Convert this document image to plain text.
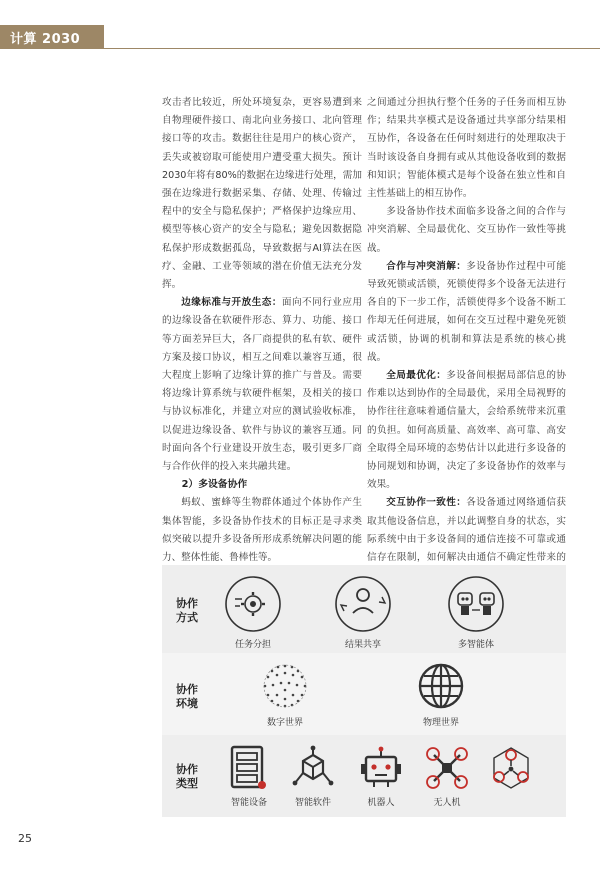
计算 2030

攻击者比较近，所处环境复杂，更容易遭到来自物理硬件接口、南北向业务接口、北向管理接口等的攻击。数据往往是用户的核心资产，丢失或被窃取可能使用户遭受重大损失。预计2030年将有80%的数据在边缘进行处理，需加强在边缘进行数据采集、存储、处理、传输过程中的安全与隐私保护；严格保护边缘应用、模型等核心资产的安全与隐私；避免因数据隐私保护形成数据孤岛，导致数据与AI算法在医疗、金融、工业等领域的潜在价值无法充分发挥。

边缘标准与开放生态：面向不同行业应用的边缘设备在软硬件形态、算力、功能、接口等方面差异巨大，各厂商提供的私有软、硬件方案及接口协议，相互之间难以兼容互通，很大程度上影响了边缘计算的推广与普及。需要将边缘计算系统与软硬件框架，及相关的接口与协议标准化，并建立对应的测试验收标准，以促进边缘设备、软件与协议的兼容互通。同时面向各个行业建设开放生态，吸引更多厂商与合作伙伴的投入来共融共建。

2）多设备协作

蚂蚁、蜜蜂等生物群体通过个体协作产生集体智能，多设备协作技术的目标正是寻求类似突破以提升多设备所形成系统解决问题的能力、整体性能、鲁棒性等。

之间通过分担执行整个任务的子任务而相互协作；结果共享模式是设备通过共享部分结果相互协作，各设备在任何时刻进行的处理取决于当时该设备自身拥有或从其他设备收到的数据和知识；智能体模式是每个设备在独立性和自主性基础上的相互协作。

多设备协作技术面临多设备之间的合作与冲突消解、全局最优化、交互协作一致性等挑战。

合作与冲突消解：多设备协作过程中可能导致死锁或活锁，死锁使得多个设备无法进行各自的下一步工作，活锁使得多个设备不断工作却无任何进展，如何在交互过程中避免死锁或活锁，协调的机制和算法是系统的核心挑战。

全局最优化：多设备间根据局部信息的协作难以达到协作的全局最优，采用全局视野的协作往往意味着通信量大，会给系统带来沉重的负担。如何高质量、高效率、高可靠、高安全取得全局环境的态势估计以此进行多设备的协同规划和协调，决定了多设备协作的效率与效果。

交互协作一致性：各设备通过网络通信获取其他设备信息，并以此调整自身的状态，实际系统中由于多设备间的通信连接不可靠或通信存在限制，如何解决由通信不确定性带来的

协作
方式
任务分担	结果共享	多智能体
协作
环境
数字世界	物理世界
协作
类型
智能设备	智能软件	机器人	无人机
25
